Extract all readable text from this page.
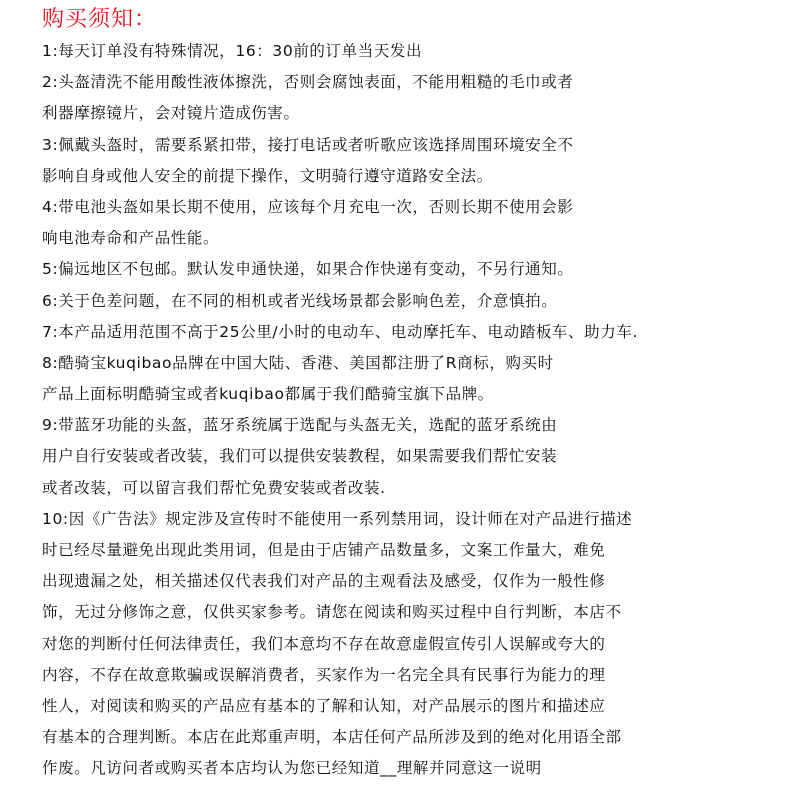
购买须知：
1:每天订单没有特殊情况，16：30前的订单当天发出
2:头盔清洗不能用酸性液体擦洗，否则会腐蚀表面，不能用粗糙的毛巾或者
利器摩擦镜片，会对镜片造成伤害。
3:佩戴头盔时，需要系紧扣带，接打电话或者听歌应该选择周围环境安全不
影响自身或他人安全的前提下操作，文明骑行遵守道路安全法。
4:带电池头盔如果长期不使用，应该每个月充电一次，否则长期不使用会影
响电池寿命和产品性能。
5:偏远地区不包邮。默认发申通快递，如果合作快递有变动，不另行通知。
6:关于色差问题，在不同的相机或者光线场景都会影响色差，介意慎拍。
7:本产品适用范围不高于25公里/小时的电动车、电动摩托车、电动踏板车、助力车.
8:酷骑宝kuqibao品牌在中国大陆、香港、美国都注册了R商标，购买时
产品上面标明酷骑宝或者kuqibao都属于我们酷骑宝旗下品牌。
9:带蓝牙功能的头盔，蓝牙系统属于选配与头盔无关，选配的蓝牙系统由
用户自行安装或者改装，我们可以提供安装教程，如果需要我们帮忙安装
或者改装，可以留言我们帮忙免费安装或者改装.
10:因《广告法》规定涉及宣传时不能使用一系列禁用词，设计师在对产品进行描述
时已经尽量避免出现此类用词，但是由于店铺产品数量多，文案工作量大，难免
出现遗漏之处，相关描述仅代表我们对产品的主观看法及感受，仅作为一般性修
饰，无过分修饰之意，仅供买家参考。请您在阅读和购买过程中自行判断，本店不
对您的判断付任何法律责任，我们本意均不存在故意虚假宣传引人误解或夸大的
内容，不存在故意欺骗或误解消费者，买家作为一名完全具有民事行为能力的理
性人，对阅读和购买的产品应有基本的了解和认知，对产品展示的图片和描述应
有基本的合理判断。本店在此郑重声明，本店任何产品所涉及到的绝对化用语全部
作废。凡访问者或购买者本店均认为您已经知道__理解并同意这一说明
